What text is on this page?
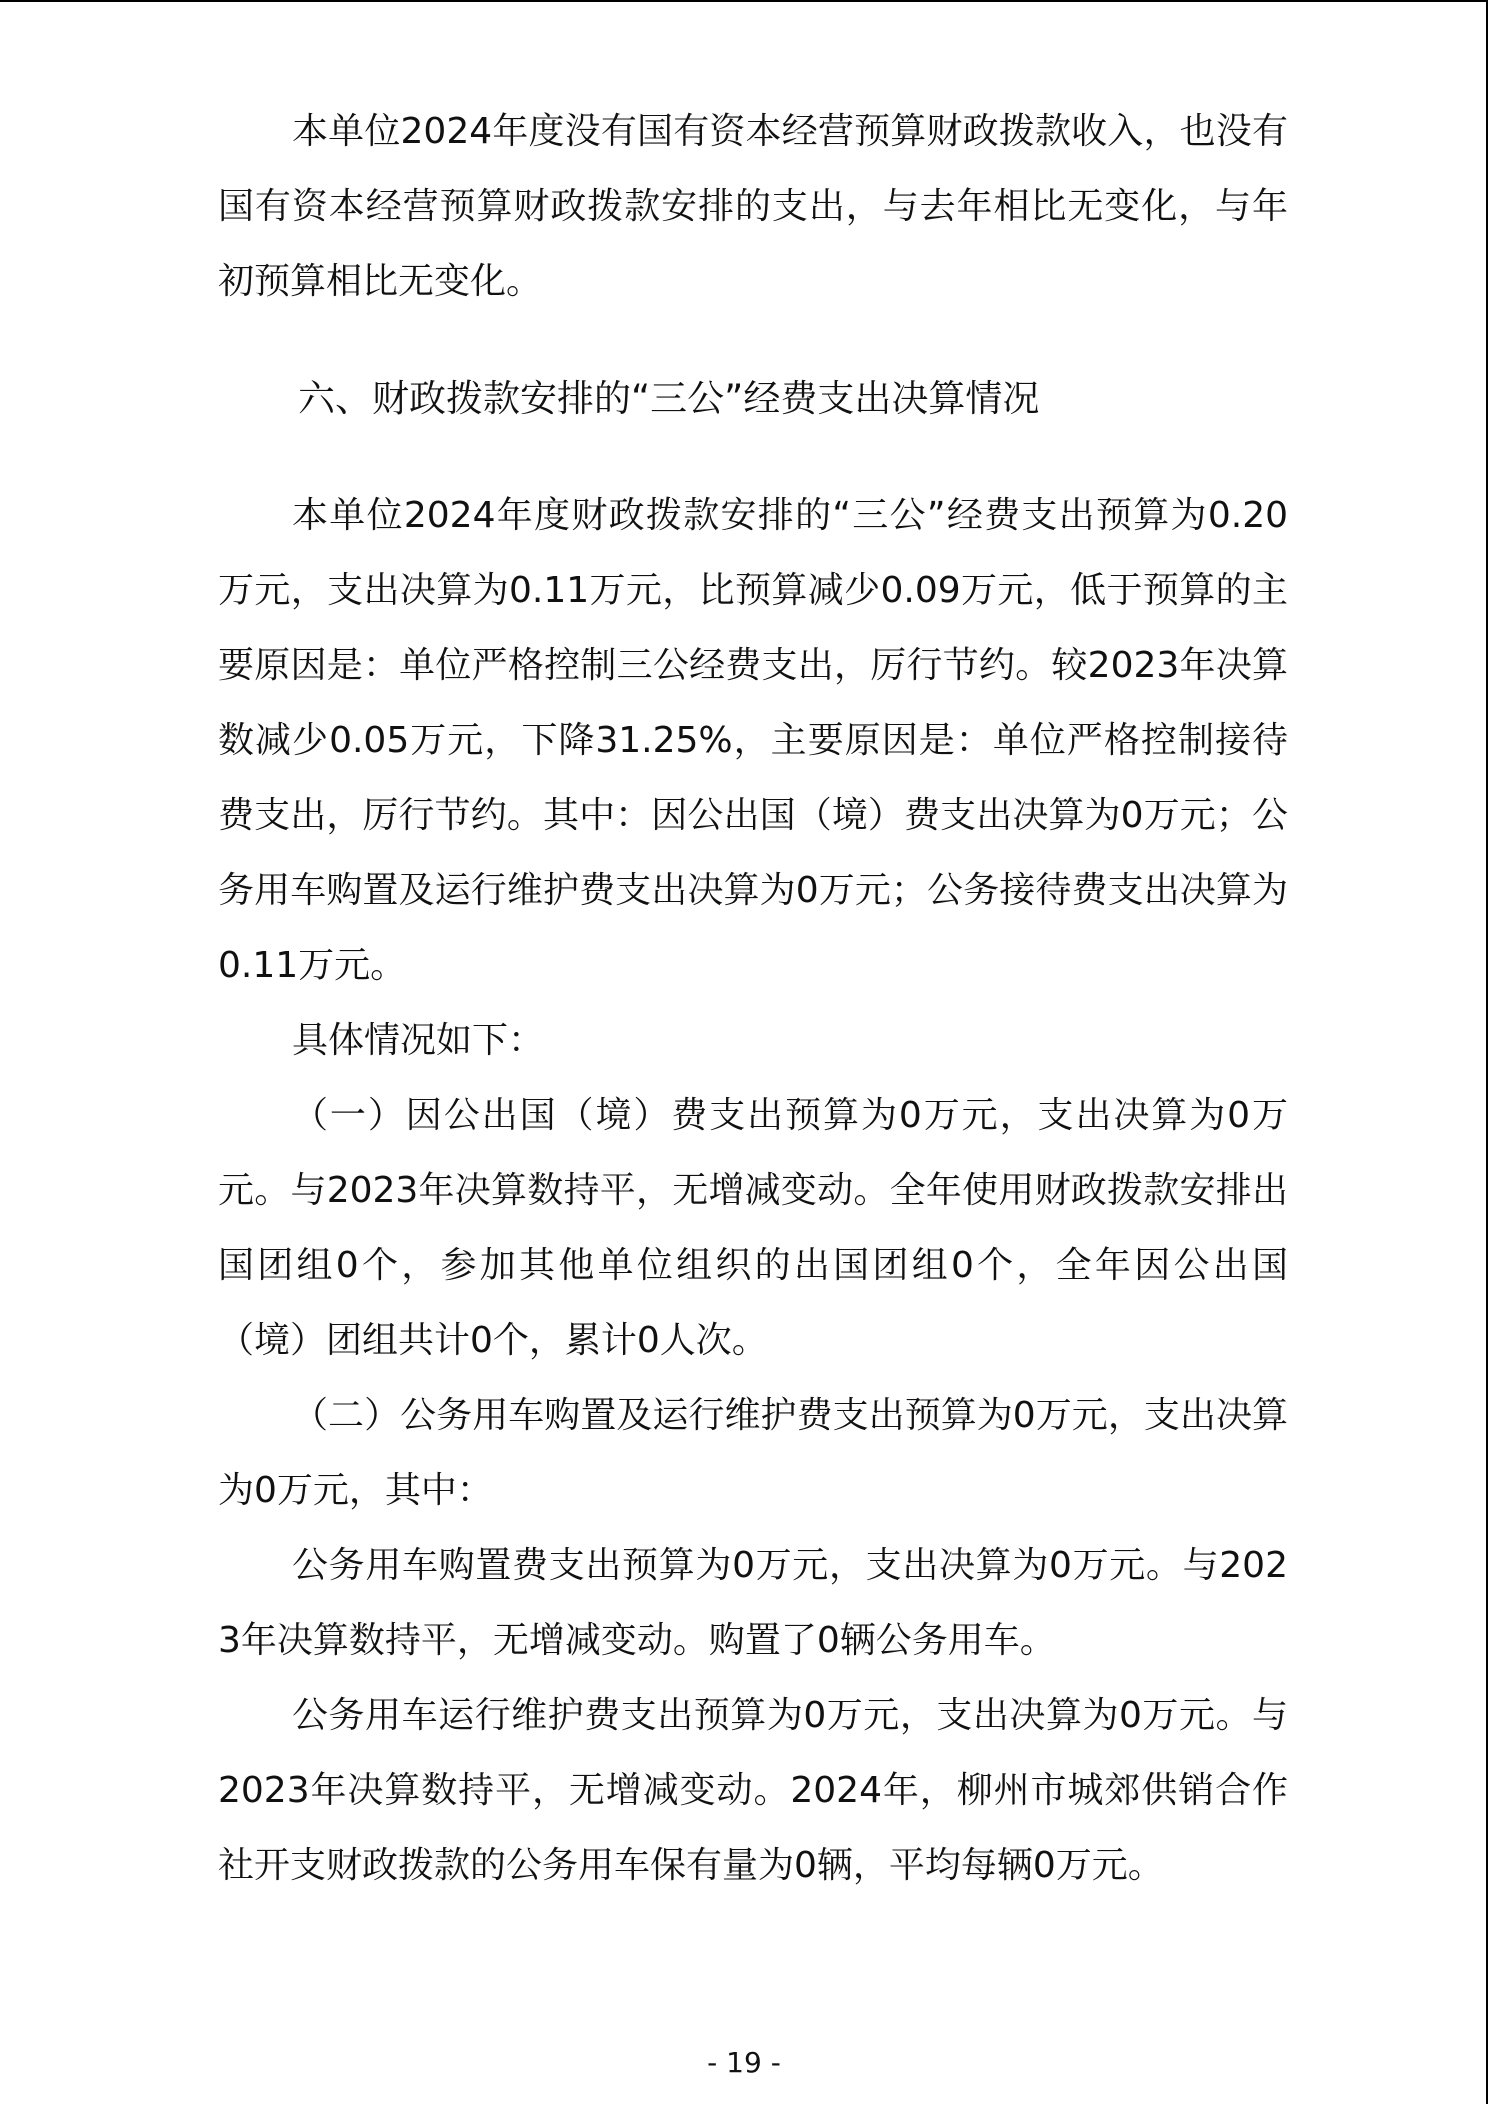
本单位2024年度没有国有资本经营预算财政拨款收入，也没有国有资本经营预算财政拨款安排的支出，与去年相比无变化，与年初预算相比无变化。

六、财政拨款安排的“三公”经费支出决算情况

本单位2024年度财政拨款安排的“三公”经费支出预算为0.20万元，支出决算为0.11万元，比预算减少0.09万元，低于预算的主要原因是：单位严格控制三公经费支出，厉行节约。较2023年决算数减少0.05万元，下降31.25%，主要原因是：单位严格控制接待费支出，厉行节约。其中：因公出国（境）费支出决算为0万元；公务用车购置及运行维护费支出决算为0万元；公务接待费支出决算为0.11万元。

具体情况如下：

（一）因公出国（境）费支出预算为0万元，支出决算为0万元。与2023年决算数持平，无增减变动。全年使用财政拨款安排出国团组0个，参加其他单位组织的出国团组0个，全年因公出国（境）团组共计0个，累计0人次。

（二）公务用车购置及运行维护费支出预算为0万元，支出决算为0万元，其中：

公务用车购置费支出预算为0万元，支出决算为0万元。与2023年决算数持平，无增减变动。购置了0辆公务用车。

公务用车运行维护费支出预算为0万元，支出决算为0万元。与2023年决算数持平，无增减变动。2024年，柳州市城郊供销合作社开支财政拨款的公务用车保有量为0辆，平均每辆0万元。

- 19 -
